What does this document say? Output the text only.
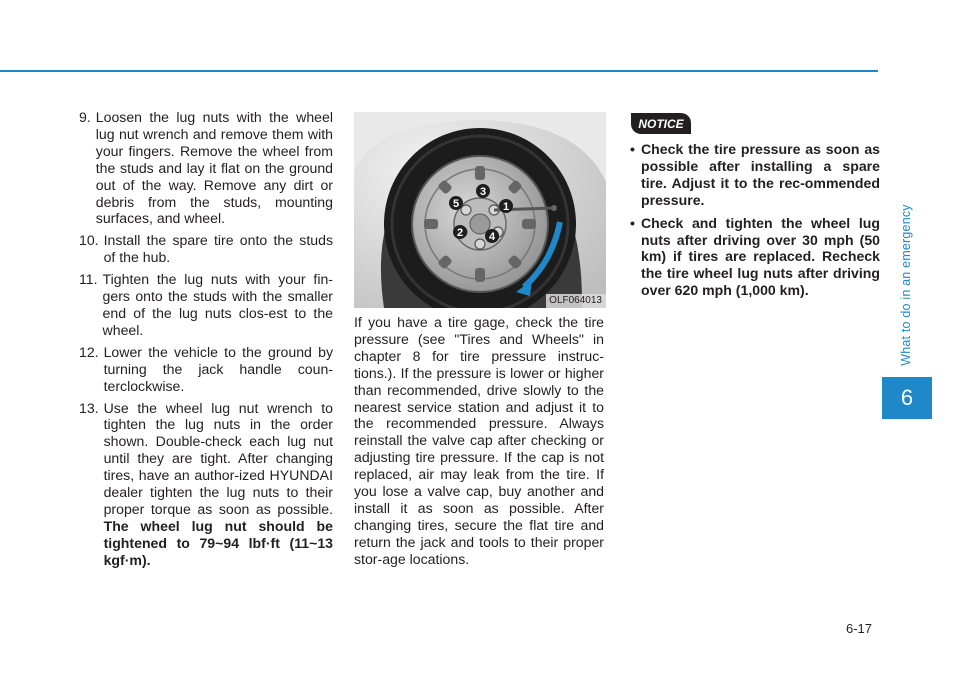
What to do in an emergency
6
9. Loosen the lug nuts with the wheel lug nut wrench and remove them with your fingers. Remove the wheel from the studs and lay it flat on the ground out of the way. Remove any dirt or debris from the studs, mounting surfaces, and wheel.
10. Install the spare tire onto the studs of the hub.
11. Tighten the lug nuts with your fin-gers onto the studs with the smaller end of the lug nuts clos-est to the wheel.
12. Lower the vehicle to the ground by turning the jack handle coun-terclockwise.
13. Use the wheel lug nut wrench to tighten the lug nuts in the order shown. Double-check each lug nut until they are tight. After changing tires, have an author-ized HYUNDAI dealer tighten the lug nuts to their proper torque as soon as possible. The wheel lug nut should be tightened to 79~94 lbf·ft (11~13 kgf·m).
1
2
3
4
5
OLF064013
If you have a tire gage, check the tire pressure (see "Tires and Wheels" in chapter 8 for tire pressure instruc-tions.). If the pressure is lower or higher than recommended, drive slowly to the nearest service station and adjust it to the recommended pressure. Always reinstall the valve cap after checking or adjusting tire pressure. If the cap is not replaced, air may leak from the tire. If you lose a valve cap, buy another and install it as soon as possible. After changing tires, secure the flat tire and return the jack and tools to their proper stor-age locations.
NOTICE
• Check the tire pressure as soon as possible after installing a spare tire. Adjust it to the rec-ommended pressure.
• Check and tighten the wheel lug nuts after driving over 30 mph (50 km) if tires are replaced. Recheck the tire wheel lug nuts after driving over 620 mph (1,000 km).
6-17
